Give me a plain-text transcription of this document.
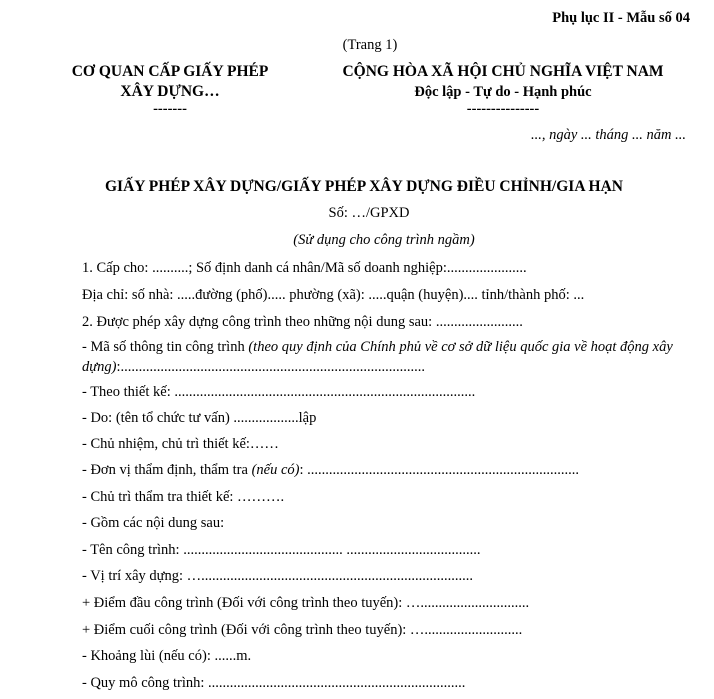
Phụ lục II - Mẫu số 04
(Trang 1)
CƠ QUAN CẤP GIẤY PHÉP
XÂY DỰNG…
-------
CỘNG HÒA XÃ HỘI CHỦ NGHĨA VIỆT NAM
Độc lập - Tự do - Hạnh phúc
---------------
..., ngày ... tháng ... năm ...
GIẤY PHÉP XÂY DỰNG/GIẤY PHÉP XÂY DỰNG ĐIỀU CHỈNH/GIA HẠN
Số: …/GPXD
(Sử dụng cho công trình ngầm)
1. Cấp cho: ..........; Số định danh cá nhân/Mã số doanh nghiệp:......................
Địa chỉ: số nhà: .....đường (phố)..... phường (xã): .....quận (huyện).... tỉnh/thành phố: ...
2. Được phép xây dựng công trình theo những nội dung sau: ........................
- Mã số thông tin công trình (theo quy định của Chính phủ về cơ sở dữ liệu quốc gia về hoạt động xây dựng):....................................................................................
- Theo thiết kế: ...................................................................................
- Do: (tên tổ chức tư vấn) ..................lập
- Chủ nhiệm, chủ trì thiết kế:……
- Đơn vị thẩm định, thẩm tra (nếu có): ...........................................................................
- Chủ trì thẩm tra thiết kế: ……….
- Gồm các nội dung sau:
- Tên công trình: ............................................ .....................................
- Vị trí xây dựng: …...........................................................................
+ Điểm đầu công trình (Đối với công trình theo tuyến): …..............................
+ Điểm cuối công trình (Đối với công trình theo tuyến): …...........................
- Khoảng lùi (nếu có): ......m.
- Quy mô công trình: .......................................................................
